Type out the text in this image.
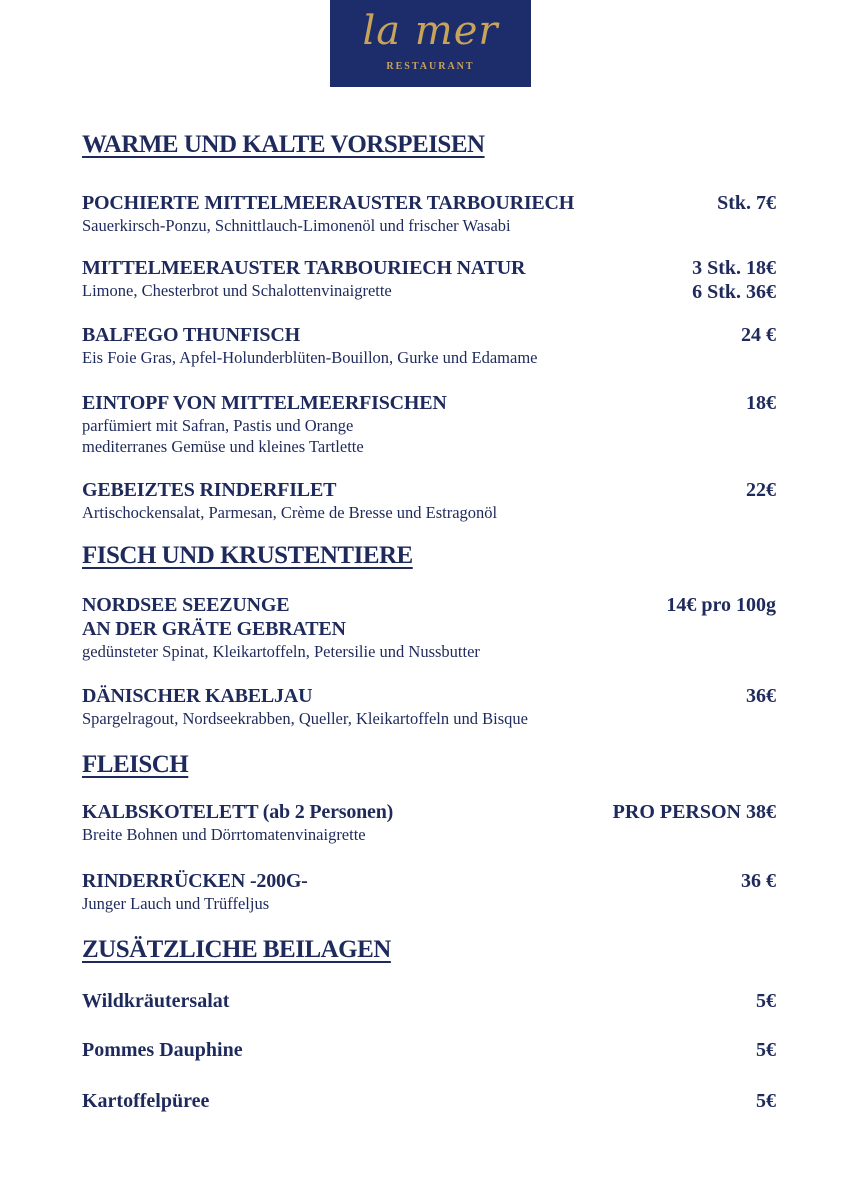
la mer
RESTAURANT
WARME UND KALTE VORSPEISEN
POCHIERTE MITTELMEERAUSTER TARBOURIECH
Sauerkirsch-Ponzu, Schnittlauch-Limonenöl und frischer Wasabi
Stk. 7€
MITTELMEERAUSTER TARBOURIECH NATUR
Limone, Chesterbrot und Schalottenvinaigrette
3 Stk. 18€
6 Stk. 36€
BALFEGO THUNFISCH
Eis Foie Gras, Apfel-Holunderblüten-Bouillon, Gurke und Edamame
24 €
EINTOPF VON MITTELMEERFISCHEN
parfümiert mit Safran, Pastis und Orange
mediterranes Gemüse und kleines Tartlette
18€
GEBEIZTES RINDERFILET
Artischockensalat, Parmesan, Crème de Bresse und Estragonöl
22€
FISCH UND KRUSTENTIERE
NORDSEE SEEZUNGE
AN DER GRÄTE GEBRATEN
gedünsteter Spinat, Kleikartoffeln, Petersilie und Nussbutter
14€ pro 100g
DÄNISCHER KABELJAU
Spargelragout, Nordseekrabben, Queller, Kleikartoffeln und Bisque
36€
FLEISCH
KALBSKOTELETT (ab 2 Personen)
Breite Bohnen und Dörrtomatenvinaigrette
PRO PERSON 38€
RINDERRÜCKEN -200G-
Junger Lauch und Trüffeljus
36 €
ZUSÄTZLICHE BEILAGEN
Wildkräutersalat	5€
Pommes Dauphine	5€
Kartoffelpüree	5€
